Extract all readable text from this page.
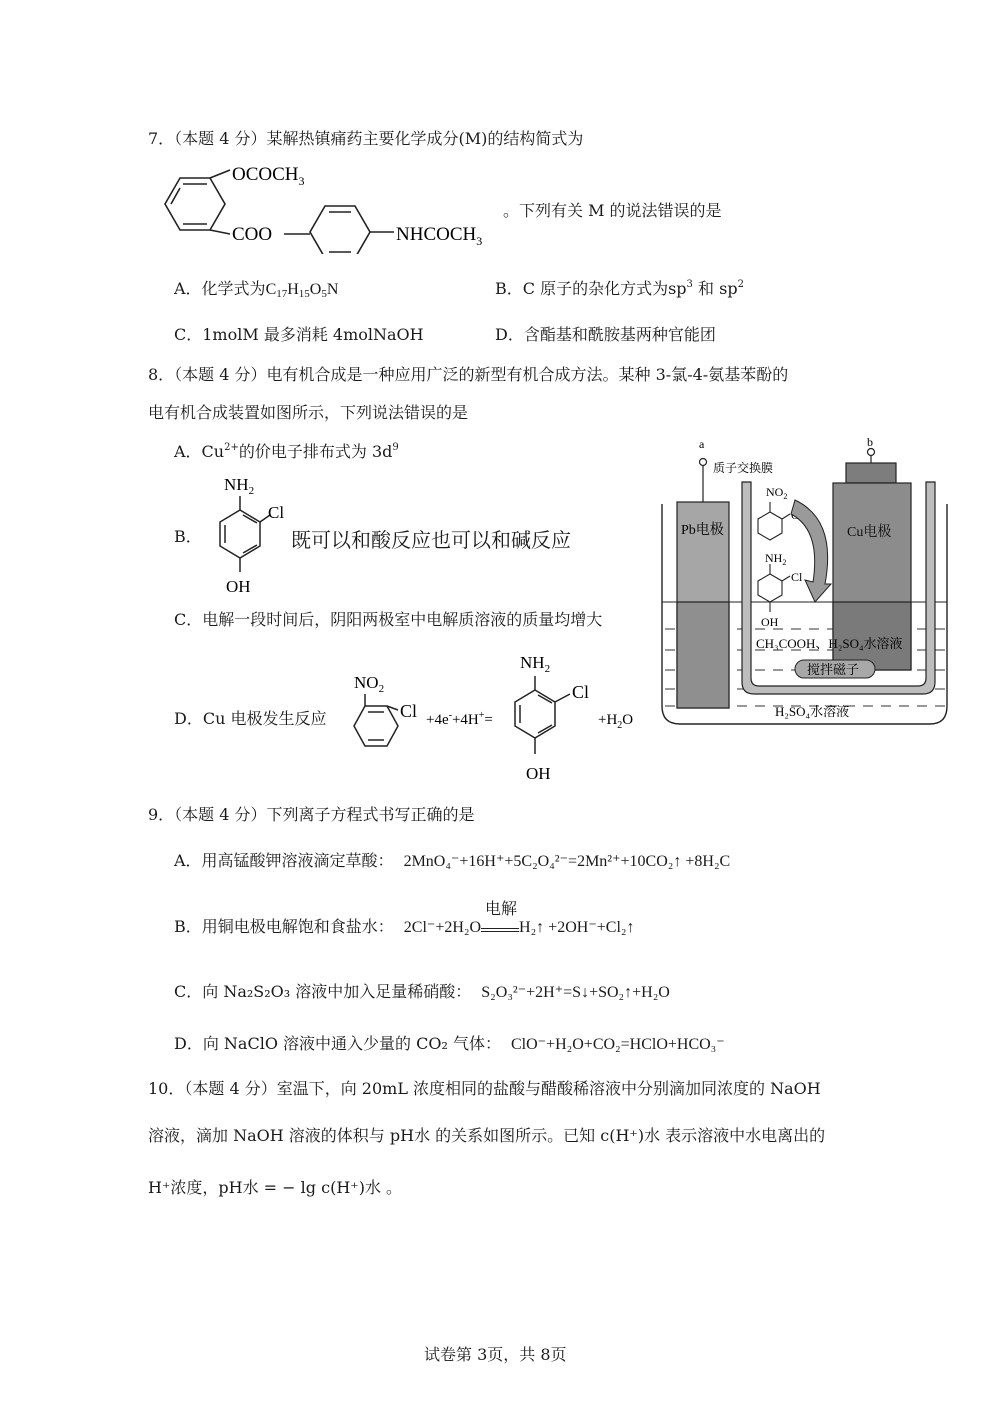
7．（本题 4 分）某解热镇痛药主要化学成分(M)的结构简式为
$OCOCH_3$
COO	$NHCOCH_3$
。下列有关 M 的说法错误的是
A．化学式为$C_{17}H_{15}O_5N$	B．C 原子的杂化方式为$sp^3$ 和 $sp^2$
C．1molM 最多消耗 4molNaOH	D．含酯基和酰胺基两种官能团
8．（本题 4 分）电有机合成是一种应用广泛的新型有机合成方法。某种 3-氯-4-氨基苯酚的
电有机合成装置如图所示，下列说法错误的是
A．$Cu^{2+}$的价电子排布式为 $3d^9$
B．
$NH_2$
Cl
OH
既可以和酸反应也可以和碱反应
C．电解一段时间后，阴阳两极室中电解质溶液的质量均增大
D．Cu 电极发生反应
$NO_2$
Cl +4e-+4H+=
$NH_2$
Cl
OH
$+H_2O$
a
质子交换膜
Pb电极
b
Cu电极
$NO_2$
$NH_2$
Cl
OH
CH₃COOH、H₂SO₄水溶液
搅拌磁子
H₂SO₄水溶液
9．（本题 4 分）下列离子方程式书写正确的是
A．用高锰酸钾溶液滴定草酸： 2MnO₄⁻+16H⁺+5C₂O₄²⁻=2Mn²⁺+10CO₂↑ +8H₂C
B．用铜电极电解饱和食盐水： 2Cl⁻+2H₂O
电解
H₂↑ +2OH⁻+Cl₂↑
C．向 Na₂S₂O₃ 溶液中加入足量稀硝酸： S₂O₃²⁻+2H⁺=S↓+SO₂↑+H₂O
D．向 NaClO 溶液中通入少量的 CO₂ 气体： ClO⁻+H₂O+CO₂=HClO+HCO₃⁻
10．（本题 4 分）室温下，向 20mL 浓度相同的盐酸与醋酸稀溶液中分别滴加同浓度的 NaOH
溶液，滴加 NaOH 溶液的体积与 pH水 的关系如图所示。已知 c(H⁺)水 表示溶液中水电离出的
H⁺浓度，pH水 = − lg c(H⁺)水 。
试卷第 3页，共 8页
